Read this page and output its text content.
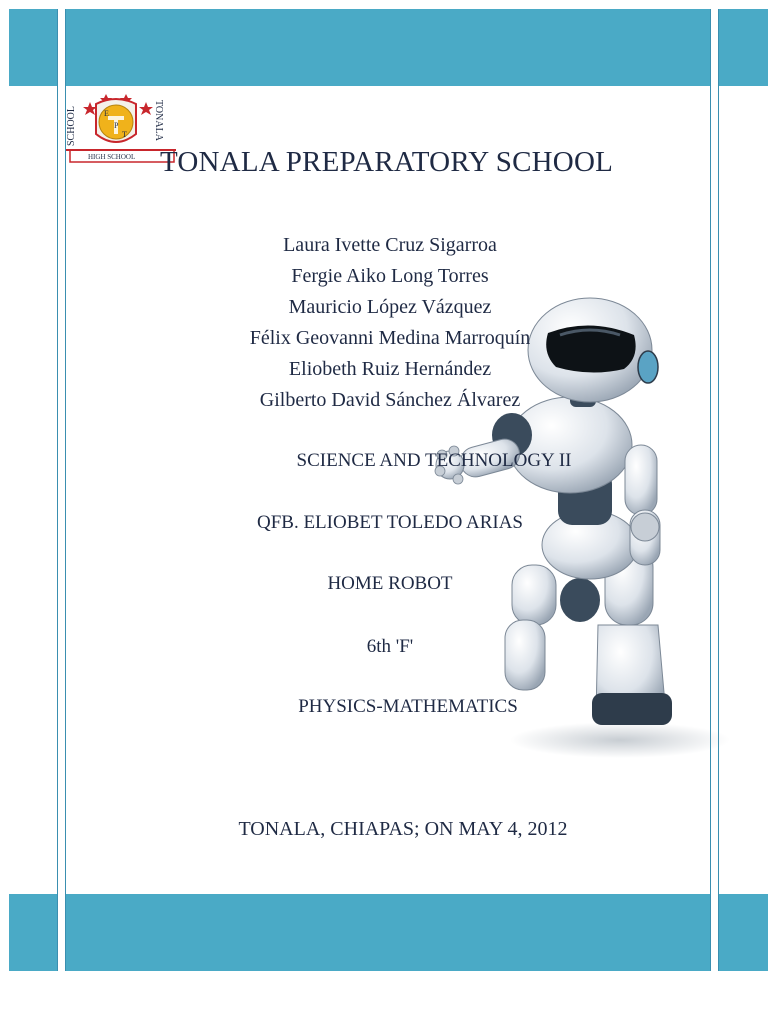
SCHOOL	TONALA
E
P
T
HIGH SCHOOL TONALA PREPARATORY SCHOOL
Laura Ivette Cruz Sigarroa
Fergie Aiko Long Torres
Mauricio López Vázquez
Félix Geovanni Medina Marroquín
Eliobeth Ruiz Hernández
Gilberto David Sánchez Álvarez
SCIENCE AND TECHNOLOGY II
QFB. ELIOBET TOLEDO ARIAS
HOME ROBOT
6th 'F'
PHYSICS-MATHEMATICS
TONALA, CHIAPAS; ON MAY 4, 2012
